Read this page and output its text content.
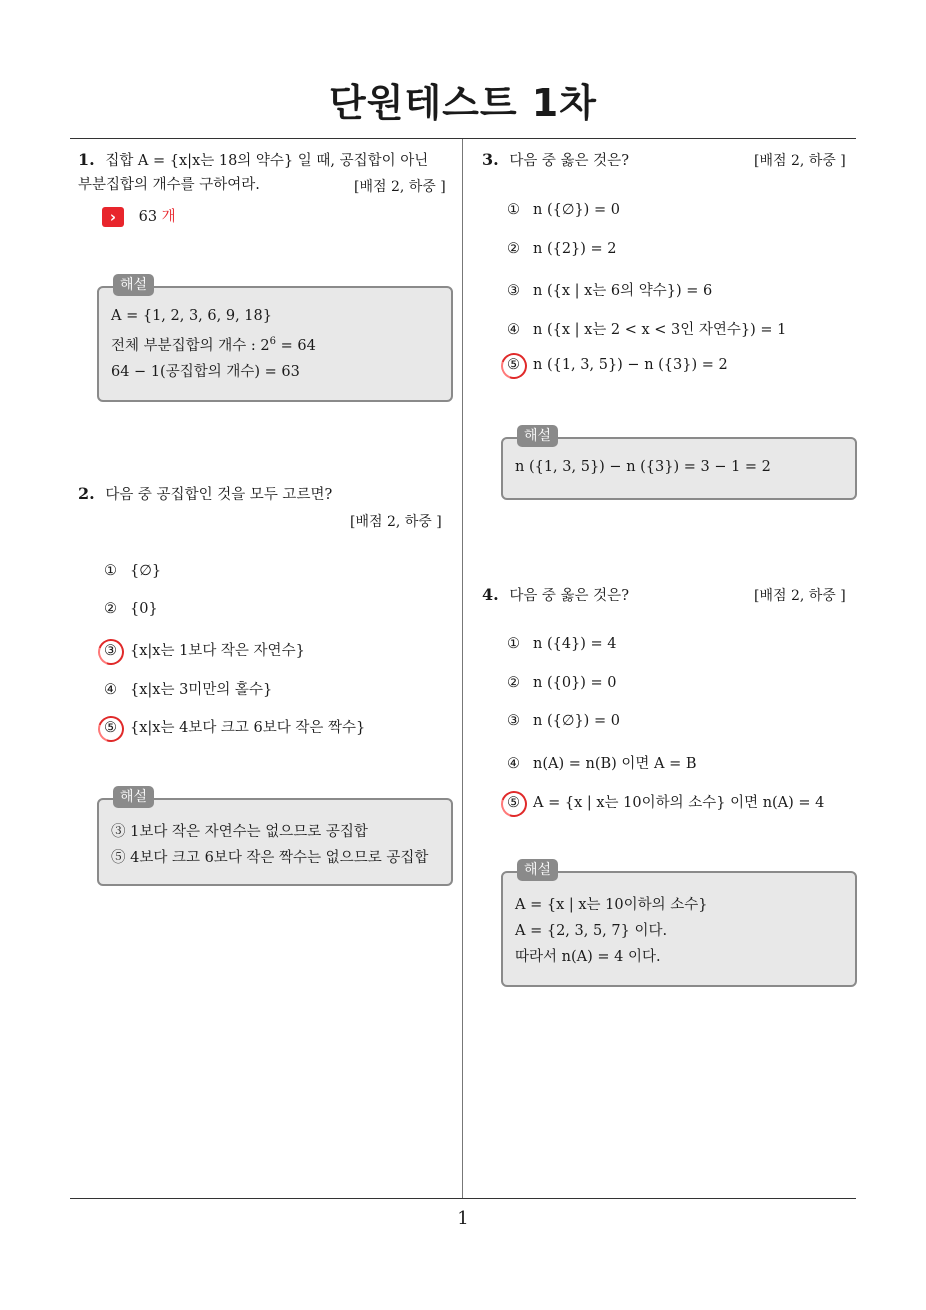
단원테스트 1차
1. 집합 A = {x|x는 18의 약수} 일 때, 공집합이 아닌
부분집합의 개수를 구하여라.	[배점 2, 하중 ]
› 63 개
해설
A = {1, 2, 3, 6, 9, 18}
전체 부분집합의 개수 : $2^6 = 64$
64 − 1(공집합의 개수) = 63
2. 다음 중 공집합인 것을 모두 고르면?
[배점 2, 하중 ]
① {∅}
② {0}
③ {x|x는 1보다 작은 자연수}
④ {x|x는 3미만의 홀수}
⑤ {x|x는 4보다 크고 6보다 작은 짝수}
해설
③ 1보다 작은 자연수는 없으므로 공집합
⑤ 4보다 크고 6보다 작은 짝수는 없으므로 공집합
3. 다음 중 옳은 것은?	[배점 2, 하중 ]
① n ({∅}) = 0
② n ({2}) = 2
③ n ({x | x는 6의 약수}) = 6
④ n ({x | x는 2 < x < 3인 자연수}) = 1
⑤ n ({1, 3, 5}) − n ({3}) = 2
해설
n ({1, 3, 5}) − n ({3}) = 3 − 1 = 2
4. 다음 중 옳은 것은?	[배점 2, 하중 ]
① n ({4}) = 4
② n ({0}) = 0
③ n ({∅}) = 0
④ n(A) = n(B) 이면 A = B
⑤ A = {x | x는 10이하의 소수} 이면 n(A) = 4
해설
A = {x | x는 10이하의 소수}
A = {2, 3, 5, 7} 이다.
따라서 n(A) = 4 이다.
1
